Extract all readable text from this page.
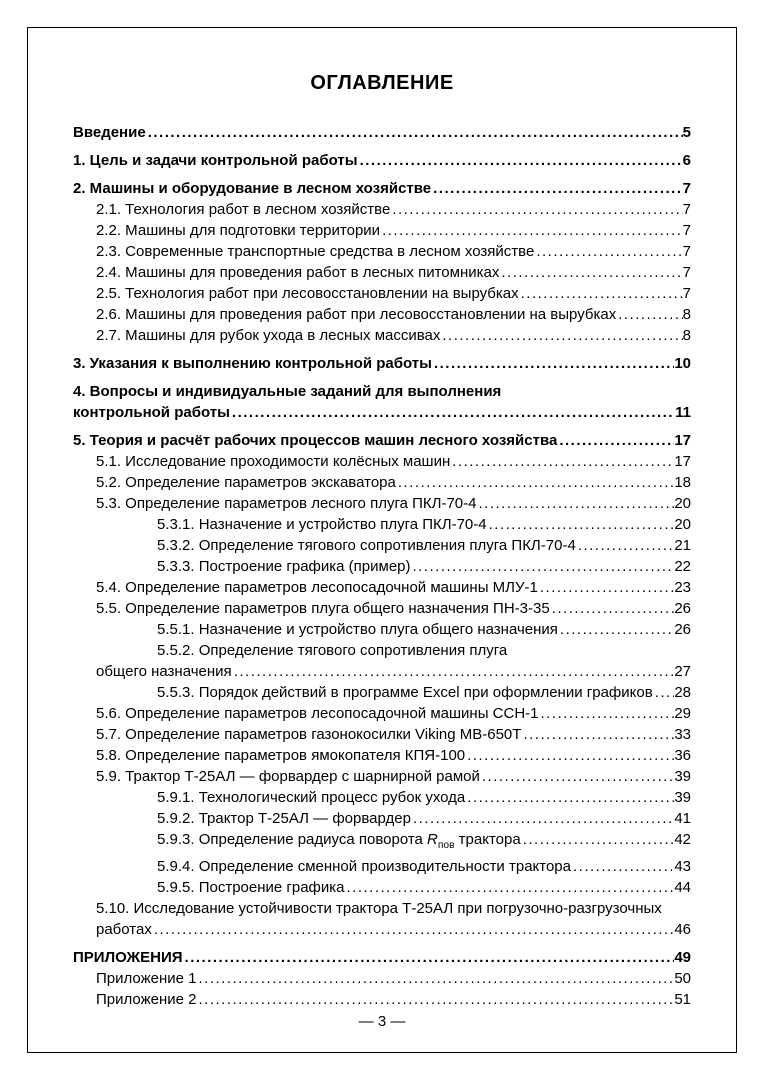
ОГЛАВЛЕНИЕ
Введение .....	5
1. Цель и задачи контрольной работы .....	6
2. Машины и оборудование в лесном хозяйстве .....	7
2.1. Технология работ в лесном хозяйстве .....	7
2.2. Машины для подготовки территории .....	7
2.3. Современные транспортные средства в лесном хозяйстве .....	7
2.4. Машины для проведения работ в лесных питомниках .....	7
2.5. Технология работ при лесовосстановлении на вырубках .....	7
2.6. Машины для проведения работ при лесовосстановлении на вырубках .....	8
2.7. Машины для рубок ухода в лесных массивах .....	8
3. Указания к выполнению контрольной работы .....	10
4. Вопросы и индивидуальные заданий для выполнения
контрольной работы .....	11
5. Теория и расчёт рабочих процессов машин лесного хозяйства .....	17
5.1. Исследование проходимости колёсных машин .....	17
5.2. Определение параметров экскаватора .....	18
5.3. Определение параметров лесного плуга ПКЛ-70-4 .....	20
5.3.1. Назначение и устройство плуга ПКЛ-70-4 .....	20
5.3.2. Определение тягового сопротивления плуга ПКЛ-70-4 .....	21
5.3.3. Построение графика (пример) .....	22
5.4. Определение параметров лесопосадочной машины МЛУ-1 .....	23
5.5. Определение параметров плуга общего назначения ПН-3-35 .....	26
5.5.1. Назначение и устройство плуга общего назначения .....	26
5.5.2. Определение тягового сопротивления плуга
общего назначения .....	27
5.5.3. Порядок действий в программе Excel при оформлении графиков ..... 28
5.6. Определение параметров лесопосадочной машины ССН-1 .....	29
5.7. Определение параметров газонокосилки Viking MB-650T .....	33
5.8. Определение параметров ямокопателя КПЯ-100 .....	36
5.9. Трактор Т-25АЛ — форвардер с шарнирной рамой .....	39
5.9.1. Технологический процесс рубок ухода .....	39
5.9.2. Трактор Т-25АЛ — форвардер .....	41
5.9.3. Определение радиуса поворота $R_{пов}$ трактора .....	42
5.9.4. Определение сменной производительности трактора .....	43
5.9.5. Построение графика .....	44
5.10. Исследование устойчивости трактора Т-25АЛ при погрузочно-разгрузочных
работах .....	46
ПРИЛОЖЕНИЯ .....	49
Приложение 1 .....	50
Приложение 2 .....	51
— 3 —
